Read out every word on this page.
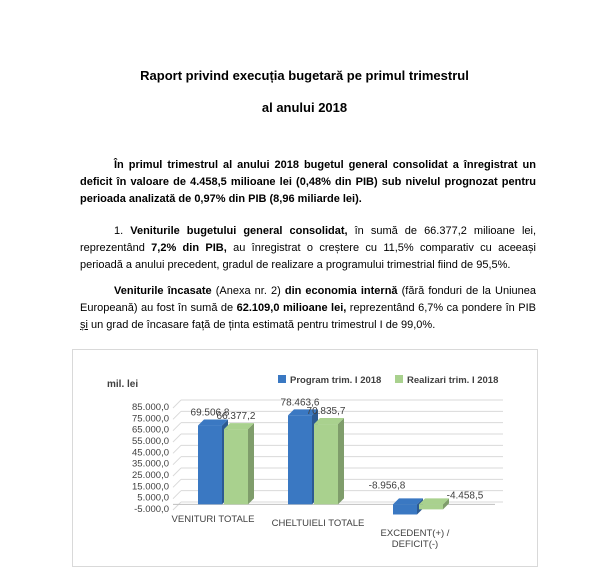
Raport privind execuția bugetară pe primul trimestrul
al anului 2018
În primul trimestrul al anului 2018 bugetul general consolidat a înregistrat un deficit în valoare de 4.458,5 milioane lei (0,48% din PIB) sub nivelul prognozat pentru perioada analizată de 0,97% din PIB (8,96 miliarde lei).
1. Veniturile bugetului general consolidat, în sumă de 66.377,2 milioane lei, reprezentând 7,2% din PIB, au înregistrat o creștere cu 11,5% comparativ cu aceeași perioadă a anului precedent, gradul de realizare a programului trimestrial fiind de 95,5%.
Veniturile încasate (Anexa nr. 2) din economia internă (fără fonduri de la Uniunea Europeană) au fost în sumă de 62.109,0 milioane lei, reprezentând 6,7% ca pondere în PIB și un grad de încasare față de ținta estimată pentru trimestrul I de 99,0%.
mil. lei	Program trim. I 2018	Realizari trim. I 2018
85.000,0
75.000,0
65.000,0
55.000,0
45.000,0
35.000,0
25.000,0
15.000,0
5.000,0
-5.000,0
69.506,8
78.463,6
-8.956,8
66.377,2	70.835,7
-4.458,5
VENITURI TOTALE CHELTUIELI TOTALE
EXCEDENT(+) /
DEFICIT(-)
